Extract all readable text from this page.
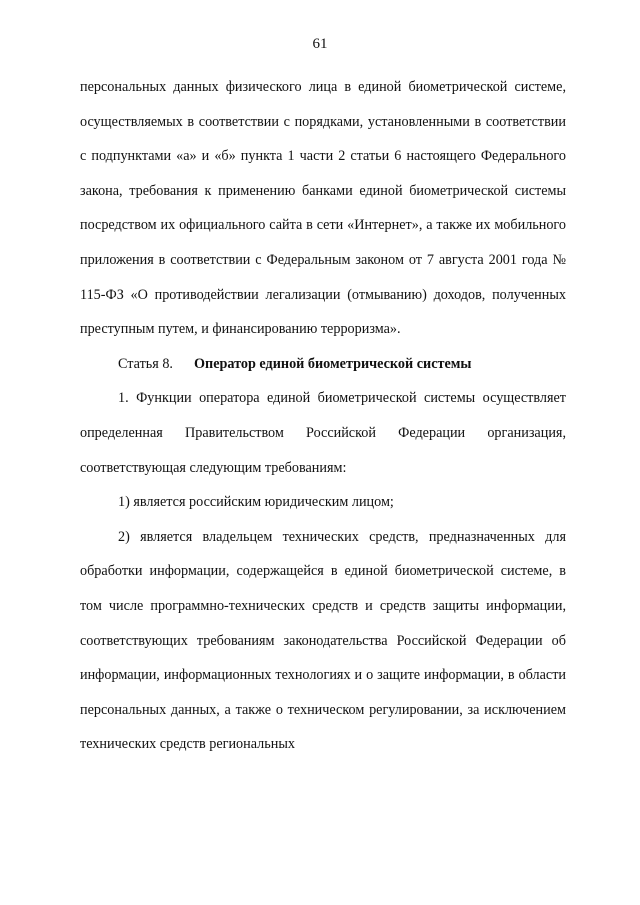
61

персональных данных физического лица в единой биометрической системе, осуществляемых в соответствии с порядками, установленными в соответствии с подпунктами «а» и «б» пункта 1 части 2 статьи 6 настоящего Федерального закона, требования к применению банками единой биометрической системы посредством их официального сайта в сети «Интернет», а также их мобильного приложения в соответствии с Федеральным законом от 7 августа 2001 года № 115-ФЗ «О противодействии легализации (отмыванию) доходов, полученных преступным путем, и финансированию терроризма».

Статья 8. Оператор единой биометрической системы

1. Функции оператора единой биометрической системы осуществляет определенная Правительством Российской Федерации организация, соответствующая следующим требованиям:

1) является российским юридическим лицом;

2) является владельцем технических средств, предназначенных для обработки информации, содержащейся в единой биометрической системе, в том числе программно-технических средств и средств защиты информации, соответствующих требованиям законодательства Российской Федерации об информации, информационных технологиях и о защите информации, в области персональных данных, а также о техническом регулировании, за исключением технических средств региональных
